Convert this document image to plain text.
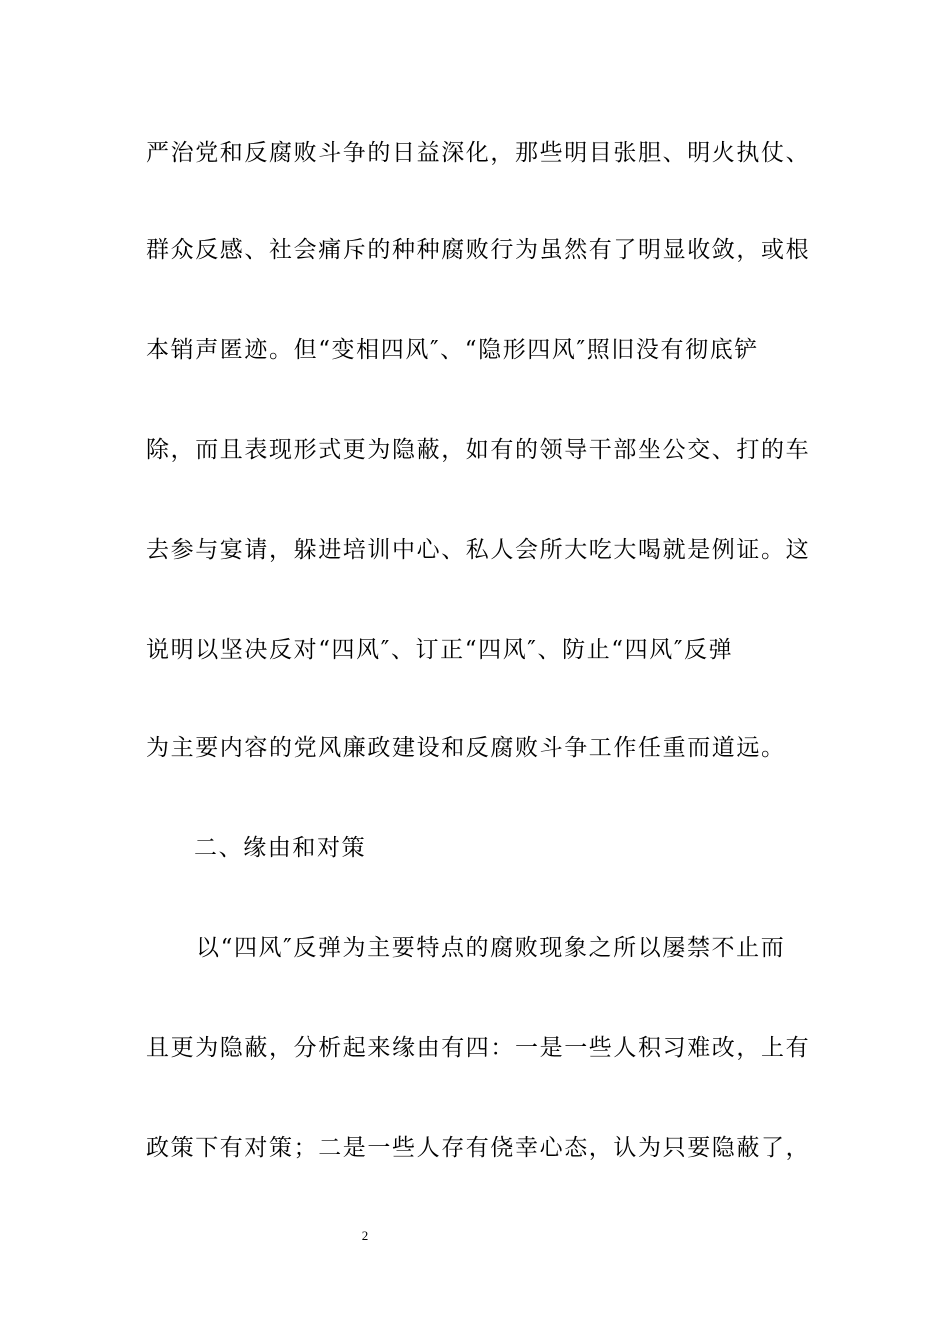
严治党和反腐败斗争的日益深化，那些明目张胆、明火执仗、
群众反感、社会痛斥的种种腐败行为虽然有了明显收敛，或根
本销声匿迹。但“变相四风″、“隐形四风″照旧没有彻底铲
除，而且表现形式更为隐蔽，如有的领导干部坐公交、打的车
去参与宴请，躲进培训中心、私人会所大吃大喝就是例证。这
说明以坚决反对“四风″、订正“四风″、防止“四风″反弹
为主要内容的党风廉政建设和反腐败斗争工作任重而道远。
二、缘由和对策
以“四风″反弹为主要特点的腐败现象之所以屡禁不止而
且更为隐蔽，分析起来缘由有四：一是一些人积习难改，上有
政策下有对策；二是一些人存有侥幸心态，认为只要隐蔽了，
2
